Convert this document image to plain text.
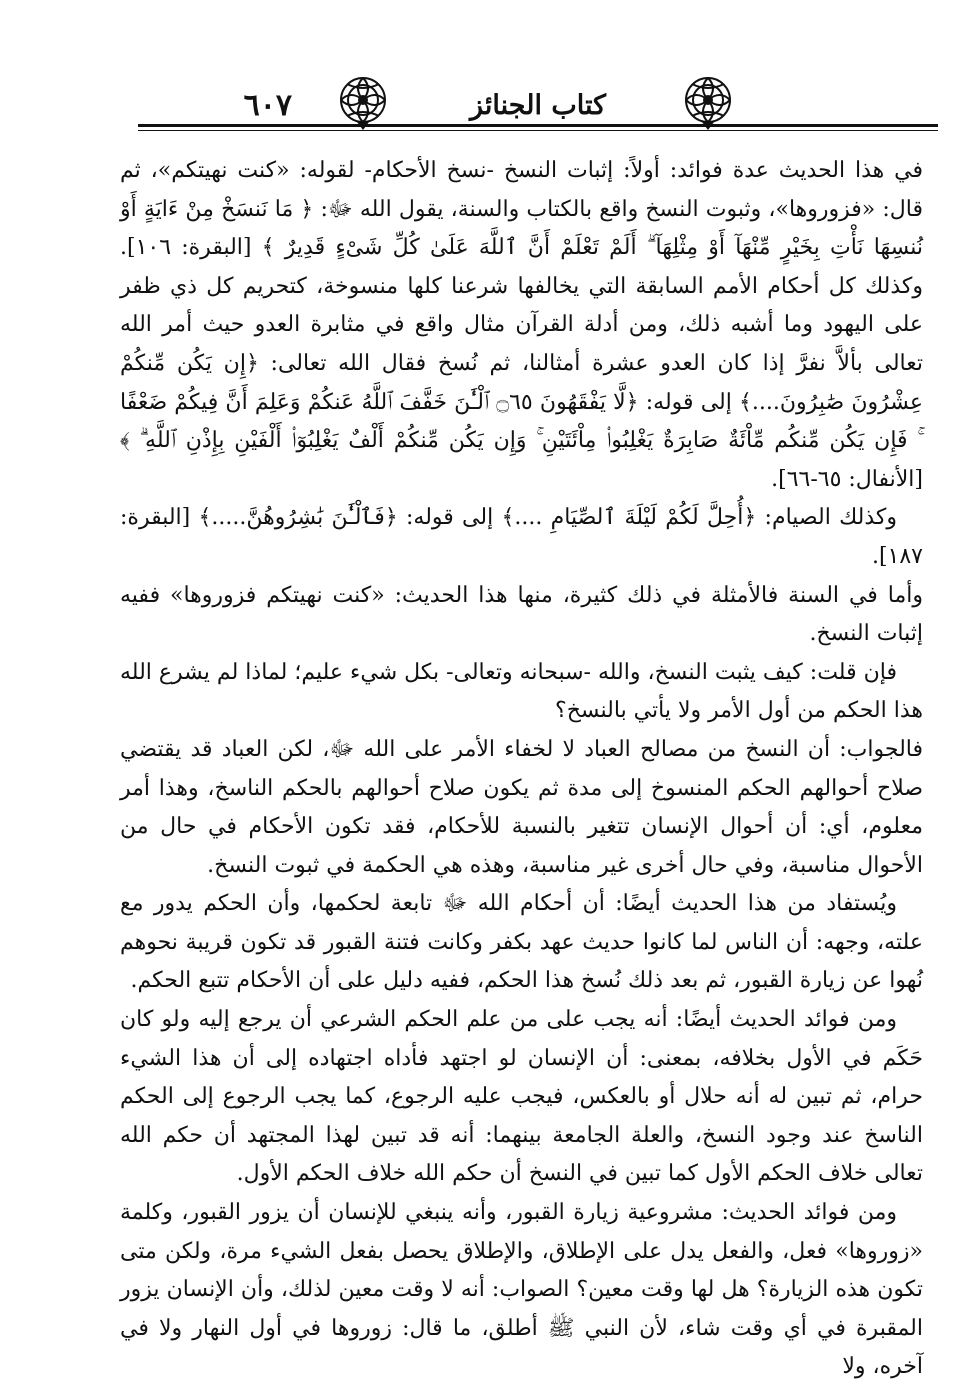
٦٠٧	كتاب الجنائز

في هذا الحديث عدة فوائد: أولاً: إثبات النسخ -نسخ الأحكام- لقوله: «كنت نهيتكم»، ثم قال: «فزوروها»، وثبوت النسخ واقع بالكتاب والسنة، يقول الله ﷻ: ﴿ مَا نَنسَخْ مِنْ ءَايَةٍ أَوْ نُنسِهَا نَأْتِ بِخَيْرٍ مِّنْهَآ أَوْ مِثْلِهَآ ۗ أَلَمْ تَعْلَمْ أَنَّ ٱللَّهَ عَلَىٰ كُلِّ شَىْءٍ قَدِيرٌ ﴾ [البقرة: ١٠٦]. وكذلك كل أحكام الأمم السابقة التي يخالفها شرعنا كلها منسوخة، كتحريم كل ذي ظفر على اليهود وما أشبه ذلك، ومن أدلة القرآن مثال واقع في مثابرة العدو حيث أمر الله تعالى بألاَّ نفرَّ إذا كان العدو عشرة أمثالنا، ثم نُسخ فقال الله تعالى: ﴿إِن يَكُن مِّنكُمْ عِشْرُونَ صَٰبِرُونَ....﴾ إلى قوله: ﴿لَّا يَفْقَهُونَ ۝٦٥ ٱلْـَٰٔنَ خَفَّفَ ٱللَّهُ عَنكُمْ وَعَلِمَ أَنَّ فِيكُمْ ضَعْفًا ۚ فَإِن يَكُن مِّنكُم مِّاْئَةٌ صَابِرَةٌ يَغْلِبُوا۟ مِاْئَتَيْنِ ۚ وَإِن يَكُن مِّنكُمْ أَلْفٌ يَغْلِبُوٓا۟ أَلْفَيْنِ بِإِذْنِ ٱللَّهِ ۗ ﴾ [الأنفال: ٦٥-٦٦].

وكذلك الصيام: ﴿أُحِلَّ لَكُمْ لَيْلَةَ ٱلصِّيَامِ ....﴾ إلى قوله: ﴿فَٱلْـَٰٔنَ بَٰشِرُوهُنَّ.....﴾ [البقرة: ١٨٧].

وأما في السنة فالأمثلة في ذلك كثيرة، منها هذا الحديث: «كنت نهيتكم فزوروها» ففيه إثبات النسخ.

فإن قلت: كيف يثبت النسخ، والله -سبحانه وتعالى- بكل شيء عليم؛ لماذا لم يشرع الله هذا الحكم من أول الأمر ولا يأتي بالنسخ؟

فالجواب: أن النسخ من مصالح العباد لا لخفاء الأمر على الله ﷻ، لكن العباد قد يقتضي صلاح أحوالهم الحكم المنسوخ إلى مدة ثم يكون صلاح أحوالهم بالحكم الناسخ، وهذا أمر معلوم، أي: أن أحوال الإنسان تتغير بالنسبة للأحكام، فقد تكون الأحكام في حال من الأحوال مناسبة، وفي حال أخرى غير مناسبة، وهذه هي الحكمة في ثبوت النسخ.

ويُستفاد من هذا الحديث أيضًا: أن أحكام الله ﷻ تابعة لحكمها، وأن الحكم يدور مع علته، وجهه: أن الناس لما كانوا حديث عهد بكفر وكانت فتنة القبور قد تكون قريبة نحوهم نُهوا عن زيارة القبور، ثم بعد ذلك نُسخ هذا الحكم، ففيه دليل على أن الأحكام تتبع الحكم.

ومن فوائد الحديث أيضًا: أنه يجب على من علم الحكم الشرعي أن يرجع إليه ولو كان حَكَم في الأول بخلافه، بمعنى: أن الإنسان لو اجتهد فأداه اجتهاده إلى أن هذا الشيء حرام، ثم تبين له أنه حلال أو بالعكس، فيجب عليه الرجوع، كما يجب الرجوع إلى الحكم الناسخ عند وجود النسخ، والعلة الجامعة بينهما: أنه قد تبين لهذا المجتهد أن حكم الله تعالى خلاف الحكم الأول كما تبين في النسخ أن حكم الله خلاف الحكم الأول.

ومن فوائد الحديث: مشروعية زيارة القبور، وأنه ينبغي للإنسان أن يزور القبور، وكلمة «زوروها» فعل، والفعل يدل على الإطلاق، والإطلاق يحصل بفعل الشيء مرة، ولكن متى تكون هذه الزيارة؟ هل لها وقت معين؟ الصواب: أنه لا وقت معين لذلك، وأن الإنسان يزور المقبرة في أي وقت شاء، لأن النبي ﷺ أطلق، ما قال: زوروها في أول النهار ولا في آخره، ولا
